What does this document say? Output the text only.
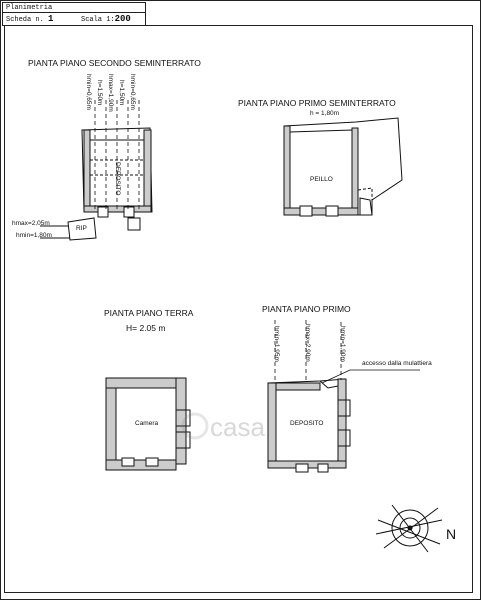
Planimetria
Scheda n. 1	Scala 1:200
PIANTA PIANO SECONDO SEMINTERRATO
hmin=0,65m h=1,50m hmax=1,90m h=1,50m hmin=0,65m
DEPOSITO
RIP
hmax=2,05m
hmin=1,80m
PIANTA PIANO PRIMO SEMINTERRATO
h = 1,80m
PEILLO
PIANTA PIANO TERRA
H= 2.05 m
Camera
PIANTA PIANO PRIMO
hmin=1,95m	hmax=2,90m	hmin=1,90m
DEPOSITO
accesso dalla mulattiera
casa
N
